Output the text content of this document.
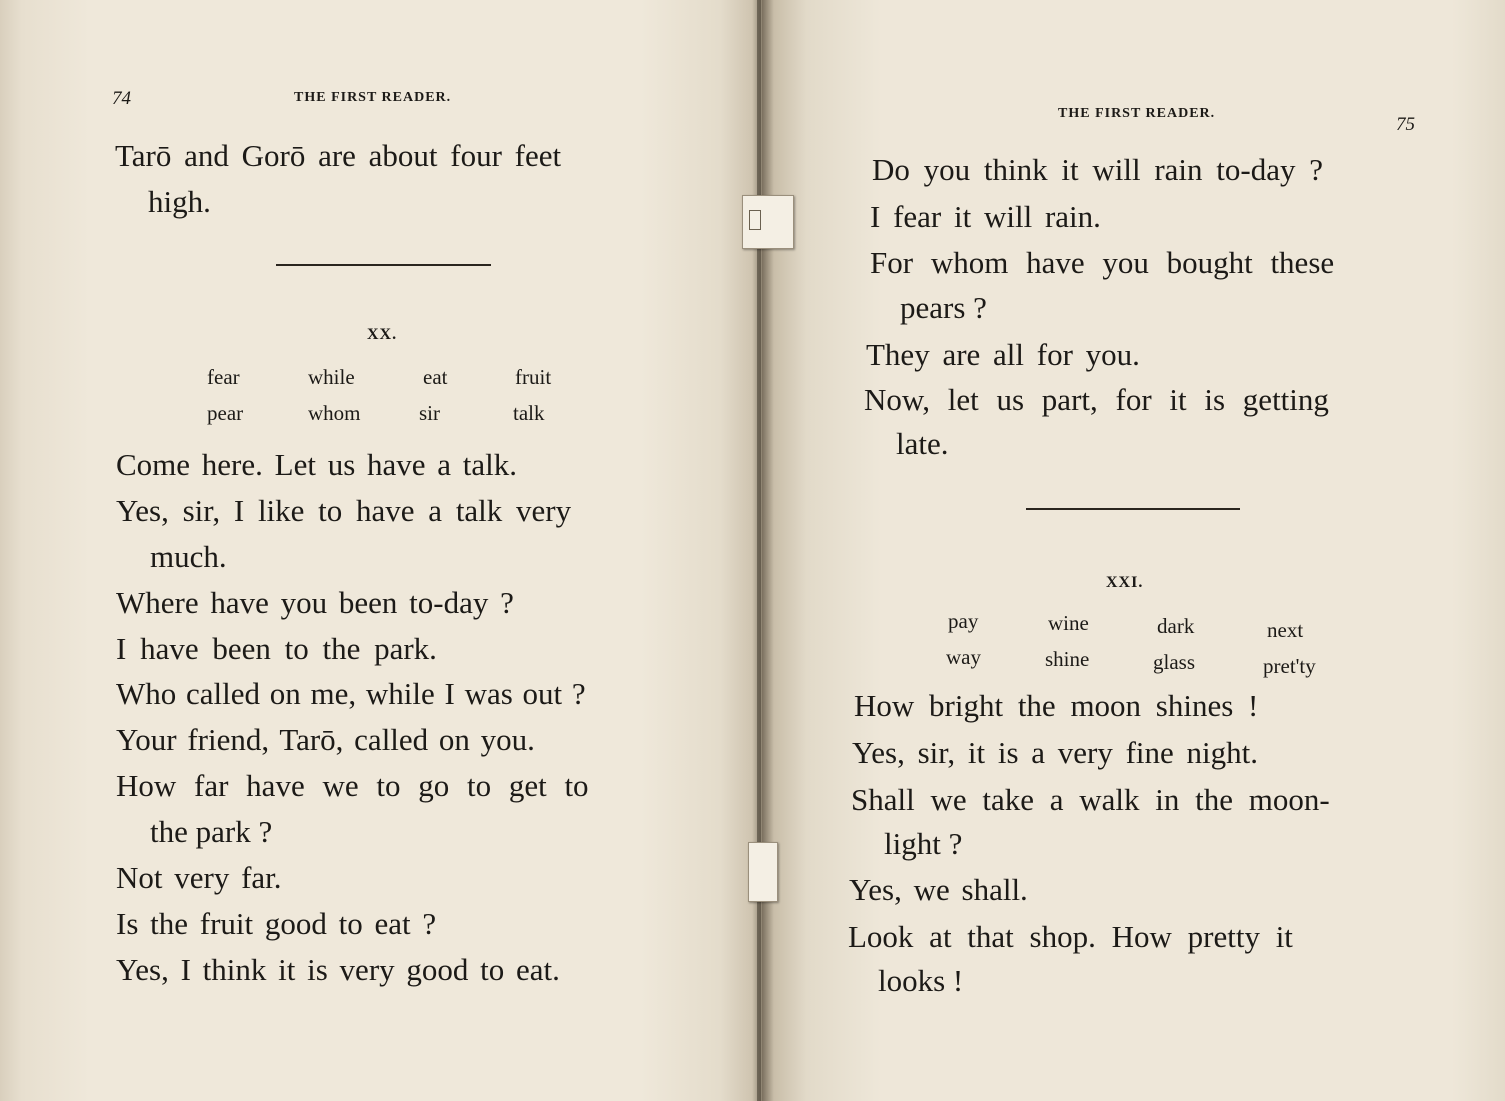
74	THE FIRST READER.
Tarō and Gorō are about four feet
high.
XX.
fear	while	eat	fruit
pear	whom	sir	talk
Come here. Let us have a talk.
Yes, sir, I like to have a talk very
much.
Where have you been to-day ?
I have been to the park.
Who called on me, while I was out ?
Your friend, Tarō, called on you.
How far have we to go to get to
the park ?
Not very far.
Is the fruit good to eat ?
Yes, I think it is very good to eat.
THE FIRST READER.
75
Do you think it will rain to-day ?
I fear it will rain.
For whom have you bought these
pears ?
They are all for you.
Now, let us part, for it is getting
late.
XXI.
pay	wine	dark	next
way	shine	glass	pret'ty
How bright the moon shines !
Yes, sir, it is a very fine night.
Shall we take a walk in the moon-
light ?
Yes, we shall.
Look at that shop. How pretty it
looks !
